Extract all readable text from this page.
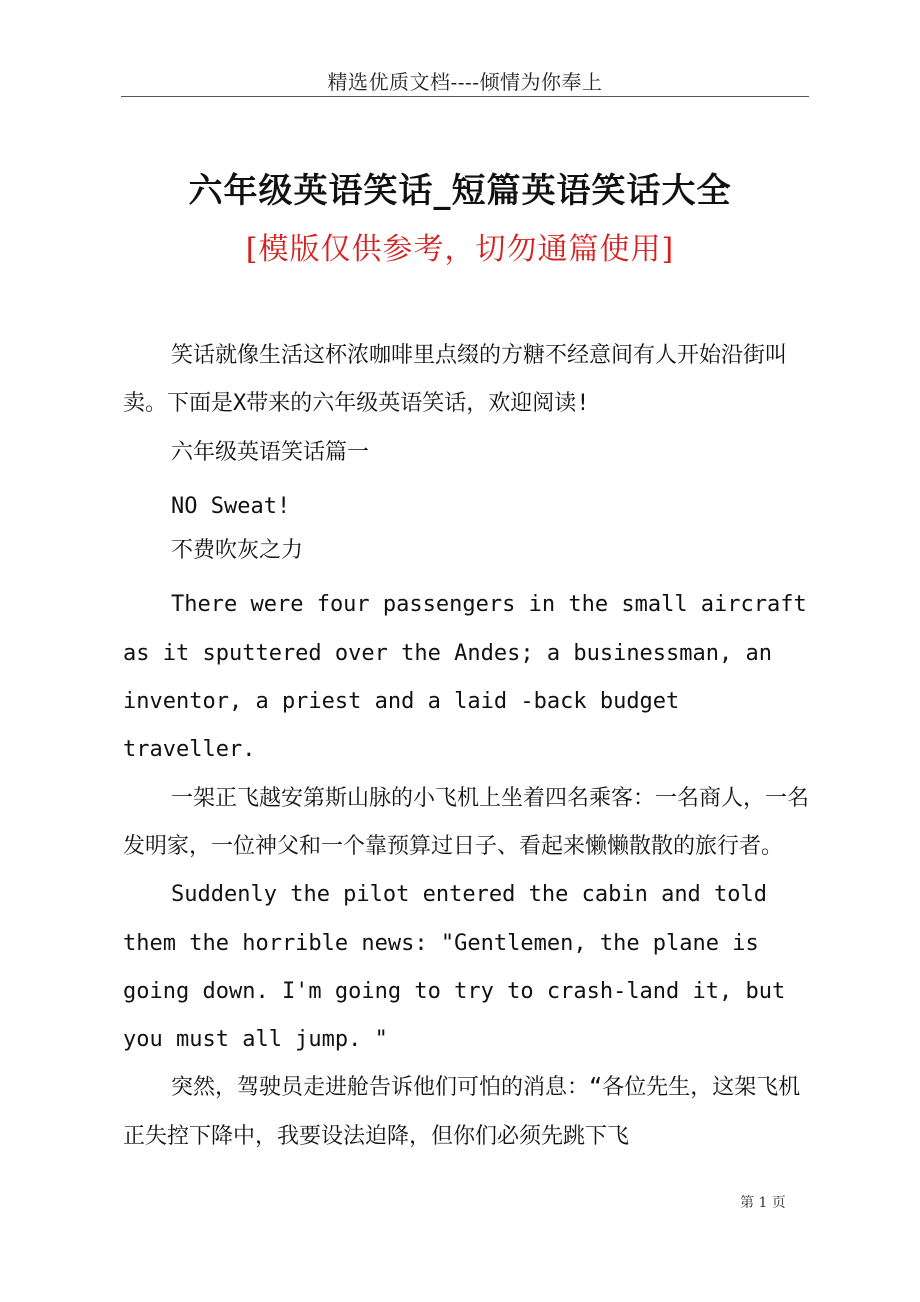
精选优质文档----倾情为你奉上
六年级英语笑话_短篇英语笑话大全
[模版仅供参考，切勿通篇使用]

笑话就像生活这杯浓咖啡里点缀的方糖不经意间有人开始沿街叫卖。下面是X带来的六年级英语笑话，欢迎阅读!

六年级英语笑话篇一

NO Sweat!

不费吹灰之力

There were four passengers in the small aircraft as it sputtered over the Andes; a businessman, an inventor, a priest and a laid -back budget traveller.

一架正飞越安第斯山脉的小飞机上坐着四名乘客：一名商人，一名发明家，一位神父和一个靠预算过日子、看起来懒懒散散的旅行者。

Suddenly the pilot entered the cabin and told them the horrible news: "Gentlemen, the plane is going down. I'm going to try to crash-land it, but you must all jump. "

突然，驾驶员走进舱告诉他们可怕的消息：“各位先生，这架飞机正失控下降中，我要设法迫降，但你们必须先跳下飞

第 1 页
